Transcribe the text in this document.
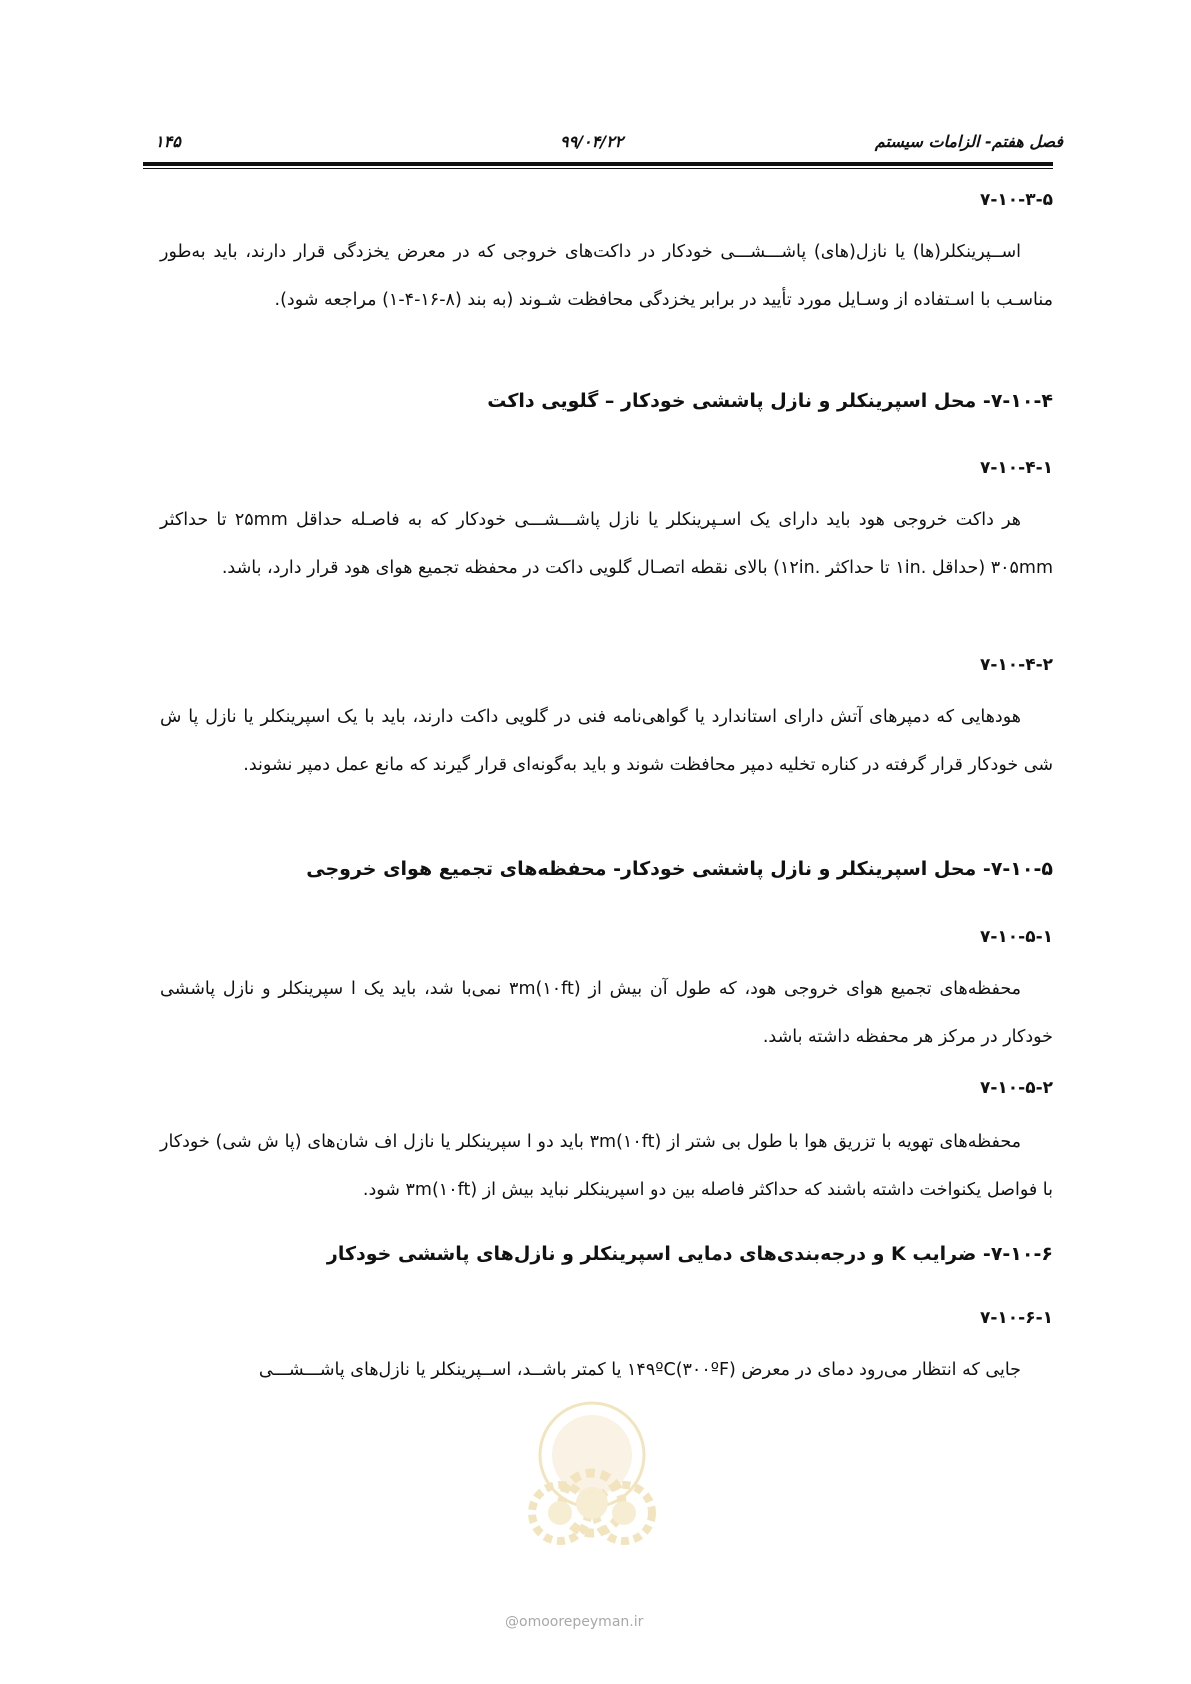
فصل هفتم- الزامات سیستم
۹۹/۰۴/۲۲
۱۴۵
۷-۱۰-۳-۵
اســپرینکلر(ها) یا نازل(های) پاشـــشـــی خودکار در داکت‌های خروجی که در معرض یخزدگی قرار دارند، باید به‌طور مناسـب با اسـتفاده از وسـایل مورد تأیید در برابر یخزدگی محافظت شـوند (به بند (۸-۱۶-۴-۱) مراجعه شود).
۷-۱۰-۴- محل اسپرینکلر و نازل پاششی خودکار – گلویی داکت
۷-۱۰-۴-۱
هر داکت خروجی هود باید دارای یک اسـپرینکلر یا نازل پاشـــشـــی خودکار که به فاصـله حداقل ۲۵mm تا حداکثر ۳۰۵mm (حداقل .۱in تا حداکثر .۱۲in) بالای نقطه اتصـال گلویی داکت در محفظه تجمیع هوای هود قرار دارد، باشد.
۷-۱۰-۴-۲
هودهایی که دمپرهای آتش دارای استاندارد یا گواهی‌نامه فنی در گلویی داکت دارند، باید با یک اسپرینکلر یا نازل پا ش شی خودکار قرار گرفته در کناره تخلیه دمپر محافظت شوند و باید به‌گونه‌ای قرار گیرند که مانع عمل دمپر نشوند.
۷-۱۰-۵- محل اسپرینکلر و نازل پاششی خودکار- محفظه‌های تجمیع هوای خروجی
۷-۱۰-۵-۱
محفظه‌های تجمیع هوای خروجی هود، که طول آن بیش از ۳m(۱۰ft) نمی‌با شد، باید یک ا سپرینکلر و نازل پاششی خودکار در مرکز هر محفظه داشته باشد.
۷-۱۰-۵-۲
محفظه‌های تهویه با تزریق هوا با طول بی شتر از ۳m(۱۰ft) باید دو ا سپرینکلر یا نازل اف شان‌های (پا ش شی) خودکار با فواصل یکنواخت داشته باشند که حداکثر فاصله بین دو اسپرینکلر نباید بیش از ۳m(۱۰ft) شود.
۷-۱۰-۶- ضرایب K و درجه‌بندی‌های دمایی اسپرینکلر و نازل‌های پاششی خودکار
۷-۱۰-۶-۱
جایی که انتظار می‌رود دمای در معرض ۱۴۹ºC(۳۰۰ºF) یا کمتر باشــد، اســپرینکلر یا نازل‌های پاشـــشـــی
@omoorepeyman.ir
